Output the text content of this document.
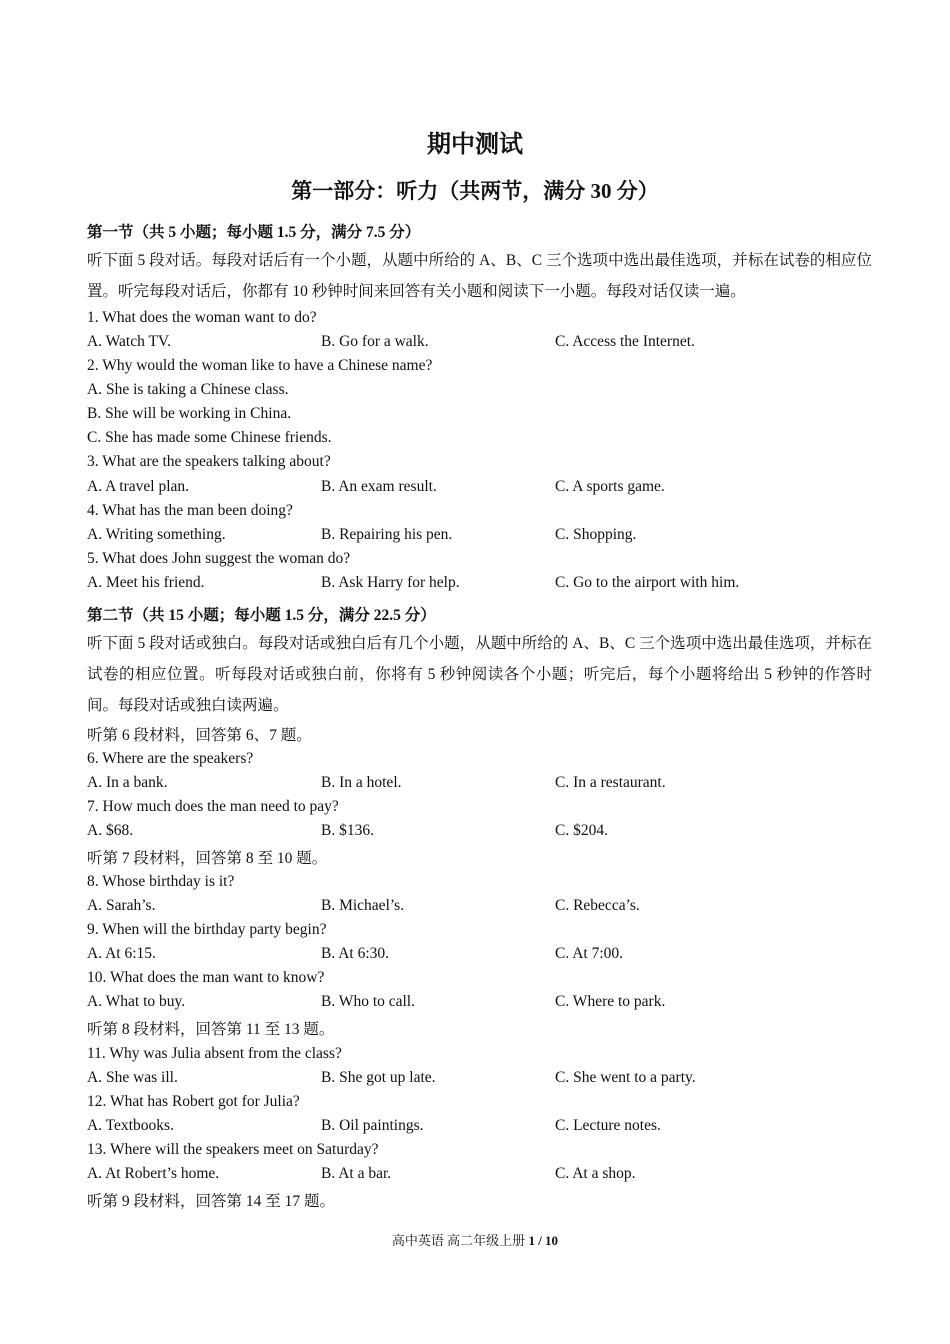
期中测试
第一部分：听力（共两节，满分 30 分）
第一节（共 5 小题；每小题 1.5 分，满分 7.5 分）
听下面 5 段对话。每段对话后有一个小题，从题中所给的 A、B、C 三个选项中选出最佳选项，并标在试卷的相应位置。听完每段对话后，你都有 10 秒钟时间来回答有关小题和阅读下一小题。每段对话仅读一遍。
1. What does the woman want to do?
A. Watch TV.	B. Go for a walk.	C. Access the Internet.
2. Why would the woman like to have a Chinese name?
A. She is taking a Chinese class.
B. She will be working in China.
C. She has made some Chinese friends.
3. What are the speakers talking about?
A. A travel plan.	B. An exam result.	C. A sports game.
4. What has the man been doing?
A. Writing something.	B. Repairing his pen.	C. Shopping.
5. What does John suggest the woman do?
A. Meet his friend.	B. Ask Harry for help.	C. Go to the airport with him.
第二节（共 15 小题；每小题 1.5 分，满分 22.5 分）
听下面 5 段对话或独白。每段对话或独白后有几个小题，从题中所给的 A、B、C 三个选项中选出最佳选项，并标在试卷的相应位置。听每段对话或独白前，你将有 5 秒钟阅读各个小题；听完后，每个小题将给出 5 秒钟的作答时间。每段对话或独白读两遍。
听第 6 段材料，回答第 6、7 题。
6. Where are the speakers?
A. In a bank.	B. In a hotel.	C. In a restaurant.
7. How much does the man need to pay?
A. $68.	B. $136.	C. $204.
听第 7 段材料，回答第 8 至 10 题。
8. Whose birthday is it?
A. Sarah’s.	B. Michael’s.	C. Rebecca’s.
9. When will the birthday party begin?
A. At 6:15.	B. At 6:30.	C. At 7:00.
10. What does the man want to know?
A. What to buy.	B. Who to call.	C. Where to park.
听第 8 段材料，回答第 11 至 13 题。
11. Why was Julia absent from the class?
A. She was ill.	B. She got up late.	C. She went to a party.
12. What has Robert got for Julia?
A. Textbooks.	B. Oil paintings.	C. Lecture notes.
13. Where will the speakers meet on Saturday?
A. At Robert’s home.	B. At a bar.	C. At a shop.
听第 9 段材料，回答第 14 至 17 题。
高中英语 高二年级上册 1 / 10
